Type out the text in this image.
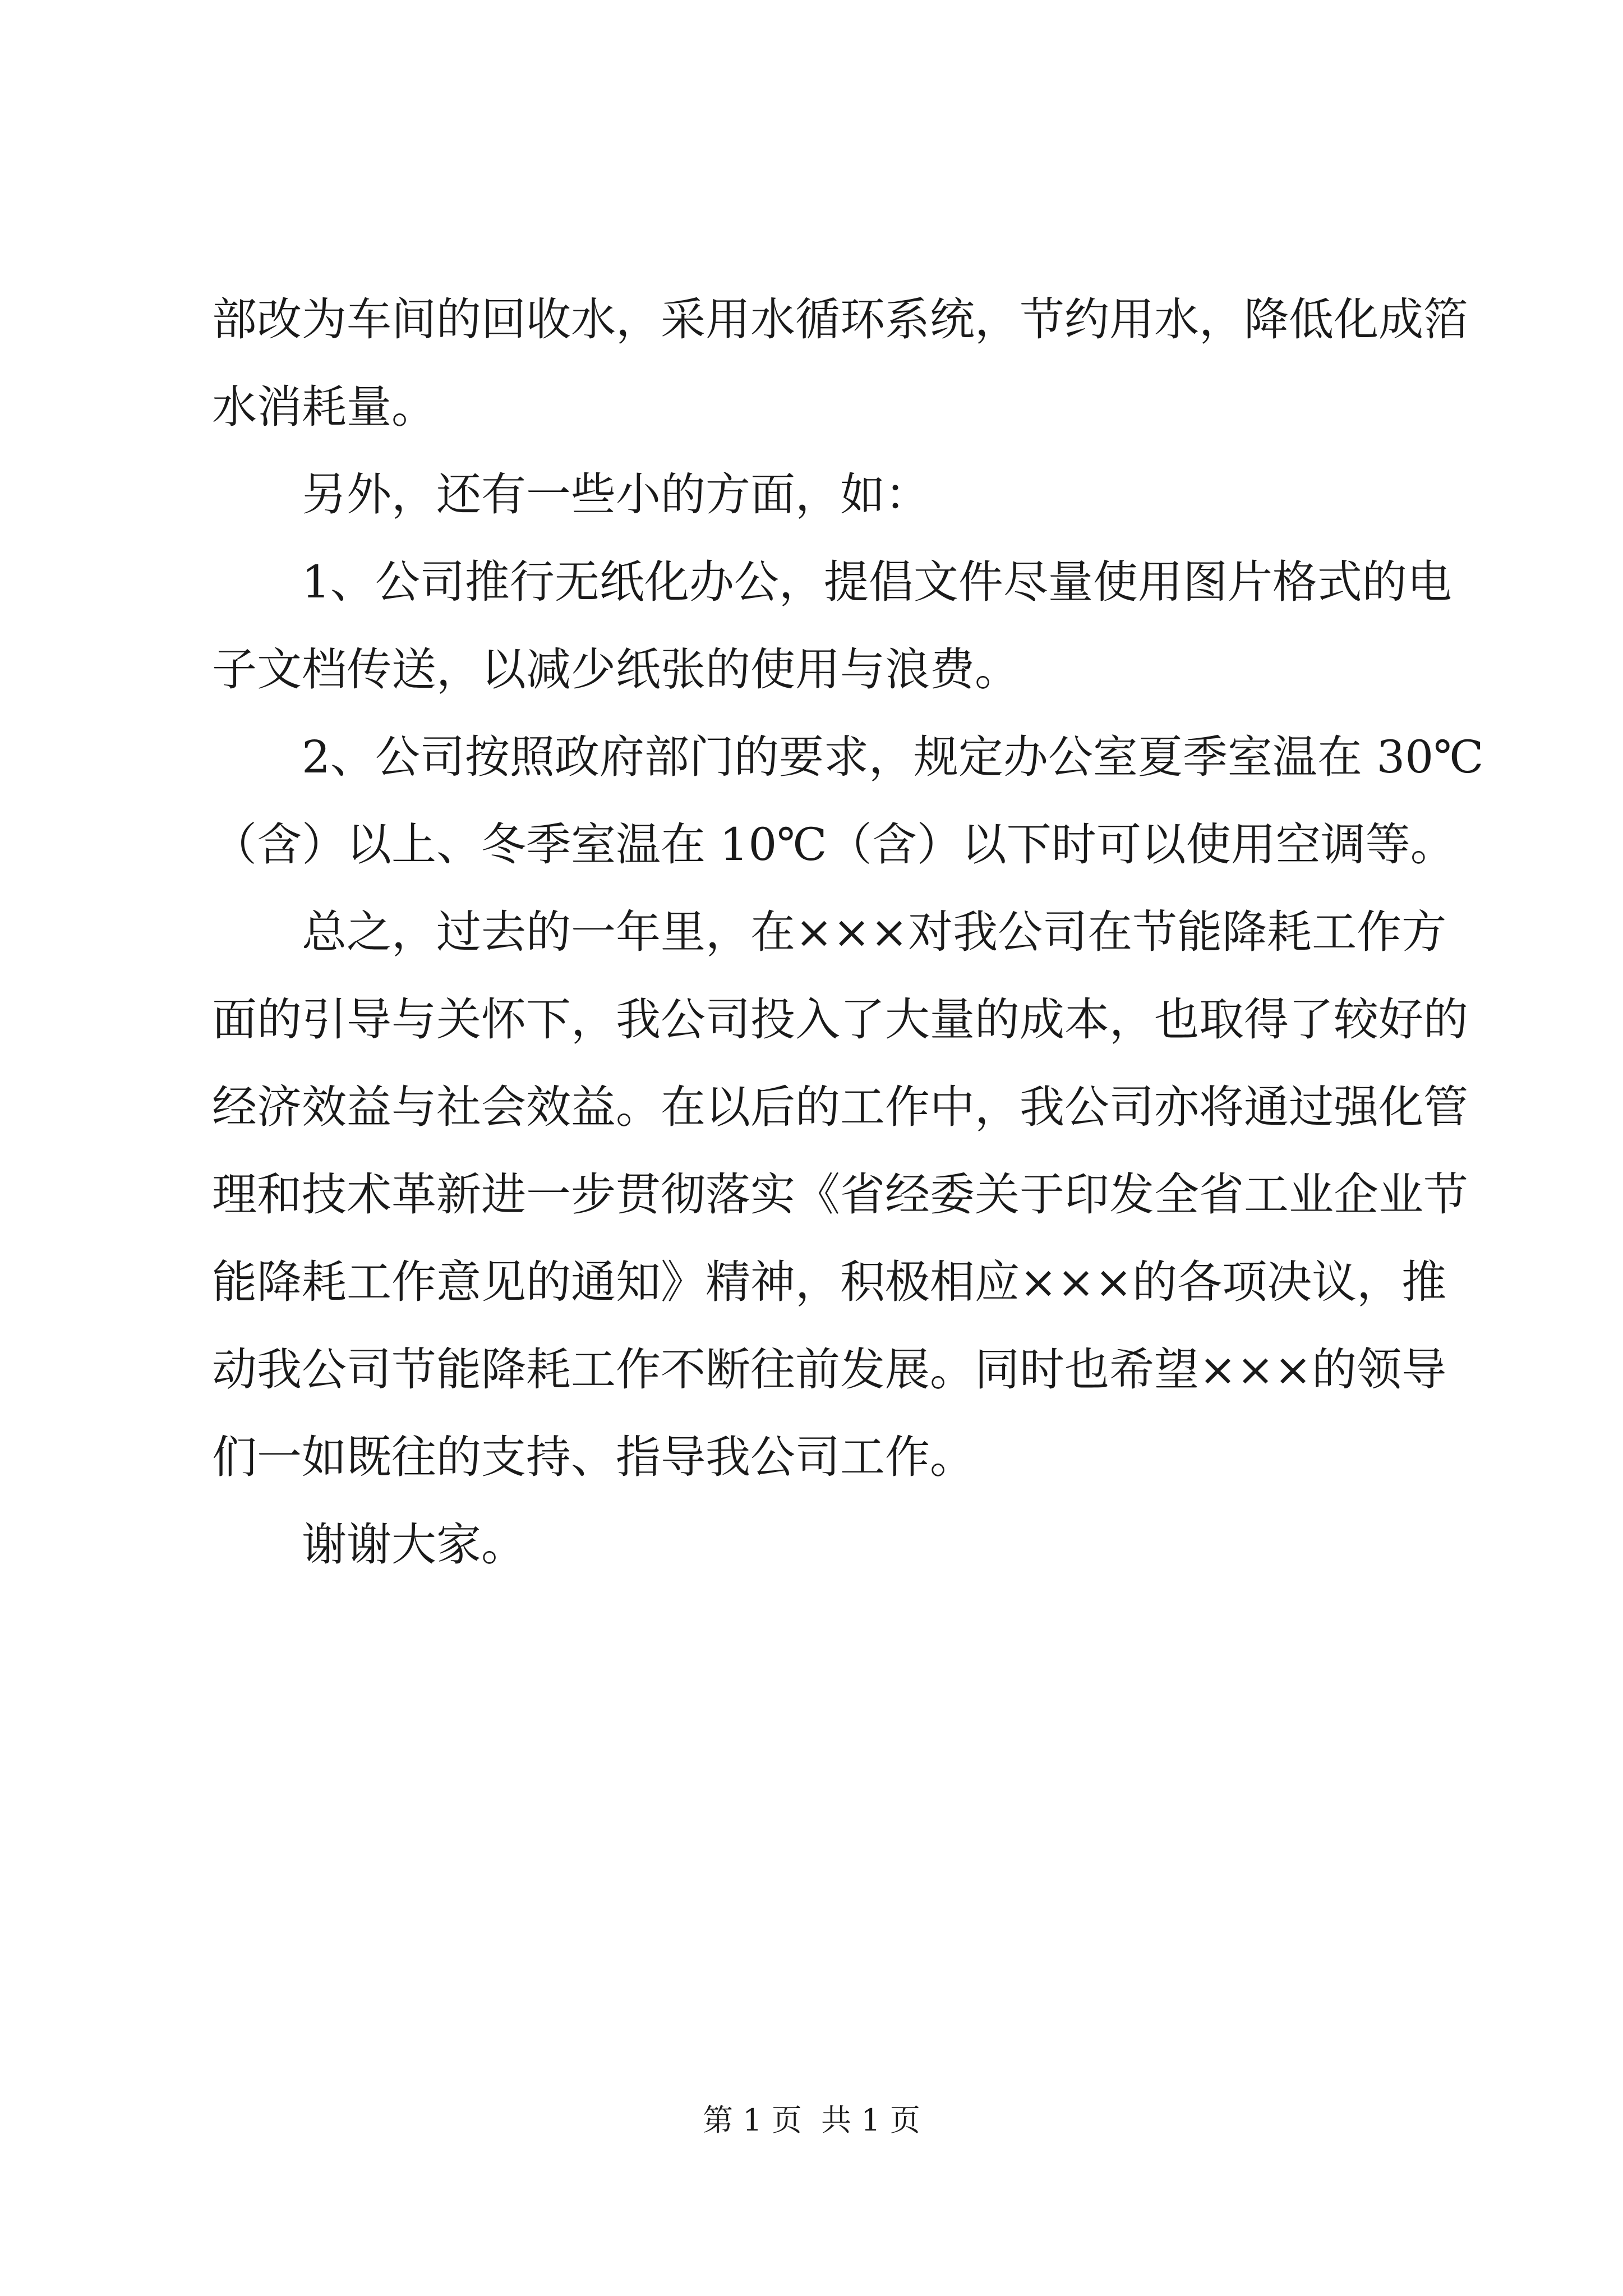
部改为车间的回收水，采用水循环系统，节约用水，降低化成箔
水消耗量。
另外，还有一些小的方面，如：
1、公司推行无纸化办公，提倡文件尽量使用图片格式的电
子文档传送，以减少纸张的使用与浪费。
2、公司按照政府部门的要求，规定办公室夏季室温在 30℃
（含）以上、冬季室温在 10℃（含）以下时可以使用空调等。
总之，过去的一年里，在×××对我公司在节能降耗工作方
面的引导与关怀下，我公司投入了大量的成本，也取得了较好的
经济效益与社会效益。在以后的工作中，我公司亦将通过强化管
理和技术革新进一步贯彻落实《省经委关于印发全省工业企业节
能降耗工作意见的通知》精神，积极相应×××的各项决议，推
动我公司节能降耗工作不断往前发展。同时也希望×××的领导
们一如既往的支持、指导我公司工作。
谢谢大家。
第 1 页  共 1 页
